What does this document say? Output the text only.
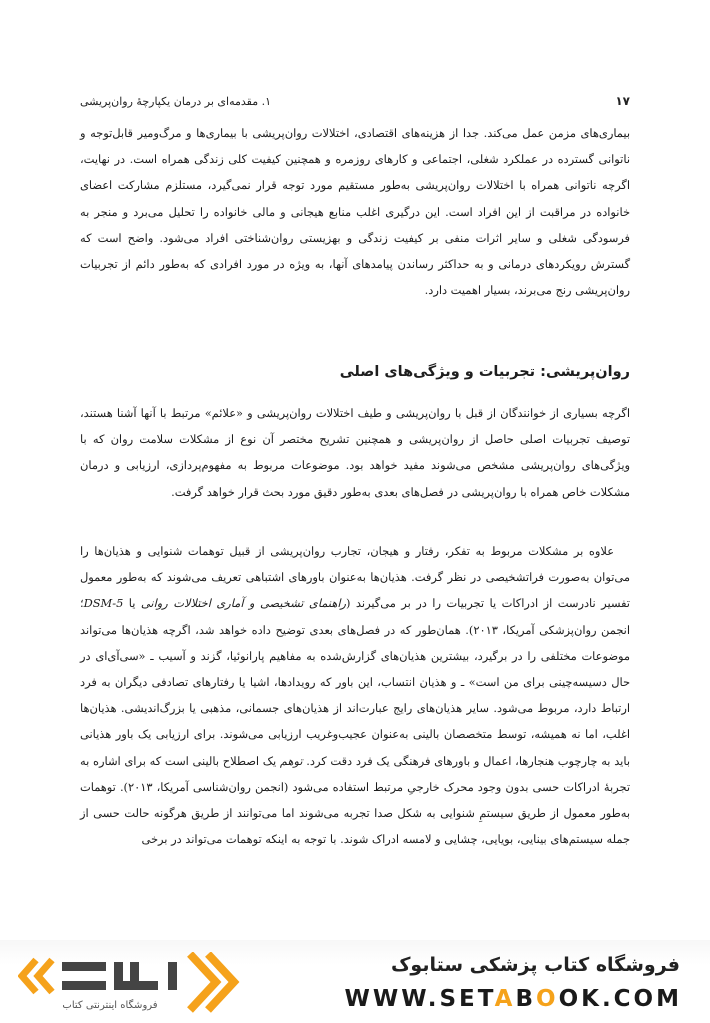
۱۷
۱. مقدمه‌ای بر درمان یکپارچهٔ روان‌پریشی

بیماری‌های مزمن عمل می‌کند. جدا از هزینه‌های اقتصادی، اختلالات روان‌پریشی با بیماری‌ها و مرگ‌ومیر قابل‌توجه و ناتوانی گسترده در عملکرد شغلی، اجتماعی و کارهای روزمره و همچنین کیفیت کلی زندگی همراه است. در نهایت، اگرچه ناتوانی همراه با اختلالات روان‌پریشی به‌طور مستقیم مورد توجه قرار نمی‌گیرد، مستلزم مشارکت اعضای خانواده در مراقبت از این افراد است. این درگیری اغلب منابع هیجانی و مالی خانواده را تحلیل می‌برد و منجر به فرسودگی شغلی و سایر اثرات منفی بر کیفیت زندگی و بهزیستی روان‌شناختی افراد می‌شود. واضح است که گسترش رویکردهای درمانی و به حداکثر رساندن پیامدهای آنها، به ویژه در مورد افرادی که به‌طور دائم از تجربیات روان‌پریشی رنج می‌برند، بسیار اهمیت دارد.

روان‌پریشی: تجربیات و ویژگی‌های اصلی

اگرچه بسیاری از خوانندگان از قبل با روان‌پریشی و طیف اختلالات روان‌پریشی و «علائم» مرتبط با آنها آشنا هستند، توصیف تجربیات اصلی حاصل از روان‌پریشی و همچنین تشریح مختصر آن نوع از مشکلات سلامت روان که با ویژگی‌های روان‌پریشی مشخص می‌شوند مفید خواهد بود. موضوعات مربوط به مفهوم‌پردازی، ارزیابی و درمان مشکلات خاص همراه با روان‌پریشی در فصل‌های بعدی به‌طور دقیق مورد بحث قرار خواهد گرفت.

علاوه بر مشکلات مربوط به تفکر، رفتار و هیجان، تجارب روان‌پریشی از قبیل توهمات شنوایی و هذیان‌ها را می‌توان به‌صورت فراتشخیصی در نظر گرفت. هذیان‌ها به‌عنوان باورهای اشتباهی تعریف می‌شوند که به‌طور معمول تفسیر نادرست از ادراکات یا تجربیات را در بر می‌گیرند (راهنمای تشخیصی و آماری اختلالات روانی یا DSM-5؛ انجمن روان‌پزشکی آمریکا، ۲۰۱۳). همان‌طور که در فصل‌های بعدی توضیح داده خواهد شد، اگرچه هذیان‌ها می‌تواند موضوعات مختلفی را در برگیرد، بیشترین هذیان‌های گزارش‌شده به مفاهیم پارانوئیا، گزند و آسیب ـ «سی‌آی‌ای در حال دسیسه‌چینی برای من است» ـ و هذیان انتساب، این باور که رویدادها، اشیا یا رفتارهای تصادفی دیگران به فرد ارتباط دارد، مربوط می‌شود. سایر هذیان‌های رایج عبارت‌اند از هذیان‌های جسمانی، مذهبی یا بزرگ‌اندیشی. هذیان‌ها اغلب، اما نه همیشه، توسط متخصصان بالینی به‌عنوان عجیب‌وغریب ارزیابی می‌شوند. برای ارزیابی یک باور هذیانی باید به چارچوب هنجارها، اعمال و باورهای فرهنگی یک فرد دقت کرد. توهم یک اصطلاح بالینی است که برای اشاره به تجربهٔ ادراکات حسی بدون وجود محرک خارجیِ مرتبط استفاده می‌شود (انجمن روان‌شناسی آمریکا، ۲۰۱۳). توهمات به‌طور معمول از طریق سیستمِ شنوایی به شکل صدا تجربه می‌شوند اما می‌توانند از طریق هرگونه حالت حسی از جمله سیستم‌های بینایی، بویایی، چشایی و لامسه ادراک شوند. با توجه به اینکه توهمات می‌تواند در برخی

فروشگاه اینترنتی کتاب
فروشگاه کتاب پزشکی ستابوک
WWW.SETABOOK.COM
